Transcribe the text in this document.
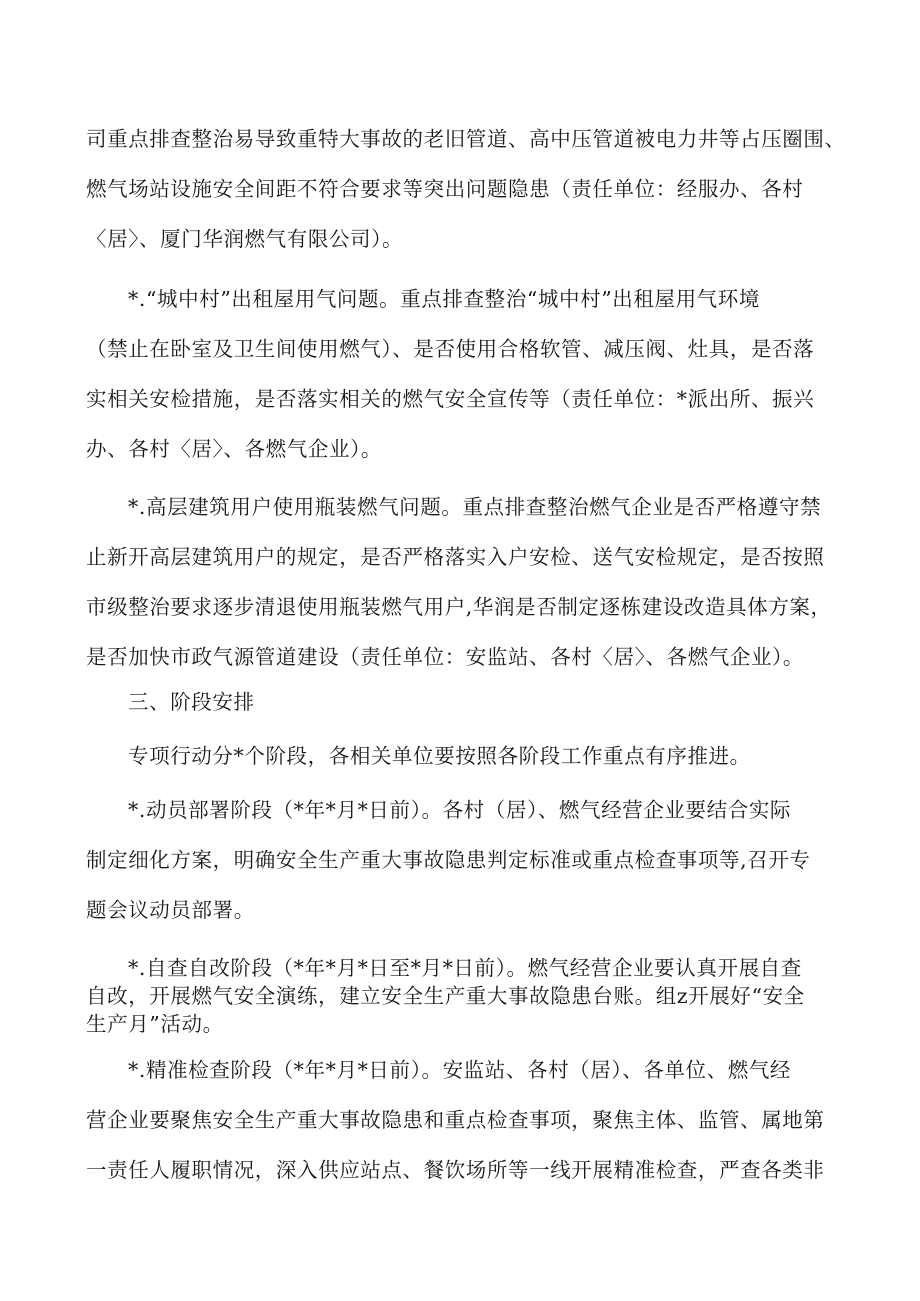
司重点排查整治易导致重特大事故的老旧管道、高中压管道被电力井等占压圈围、

燃气场站设施安全间距不符合要求等突出问题隐患（责任单位：经服办、各村

〈居〉、厦门华润燃气有限公司）。

*.“城中村”出租屋用气问题。重点排查整治“城中村”出租屋用气环境

（禁止在卧室及卫生间使用燃气）、是否使用合格软管、减压阀、灶具，是否落

实相关安检措施，是否落实相关的燃气安全宣传等（责任单位：*派出所、振兴

办、各村〈居〉、各燃气企业）。

*.高层建筑用户使用瓶装燃气问题。重点排查整治燃气企业是否严格遵守禁

止新开高层建筑用户的规定，是否严格落实入户安检、送气安检规定，是否按照

市级整治要求逐步清退使用瓶装燃气用户,华润是否制定逐栋建设改造具体方案，

是否加快市政气源管道建设（责任单位：安监站、各村〈居〉、各燃气企业）。

三、阶段安排

专项行动分*个阶段，各相关单位要按照各阶段工作重点有序推进。

*.动员部署阶段（*年*月*日前）。各村（居）、燃气经营企业要结合实际

制定细化方案，明确安全生产重大事故隐患判定标准或重点检查事项等,召开专

题会议动员部署。

*.自查自改阶段（*年*月*日至*月*日前）。燃气经营企业要认真开展自查

自改，开展燃气安全演练，建立安全生产重大事故隐患台账。组z开展好“安全

生产月”活动。

*.精准检查阶段（*年*月*日前）。安监站、各村（居）、各单位、燃气经

营企业要聚焦安全生产重大事故隐患和重点检查事项，聚焦主体、监管、属地第

一责任人履职情况，深入供应站点、餐饮场所等一线开展精准检查，严查各类非
